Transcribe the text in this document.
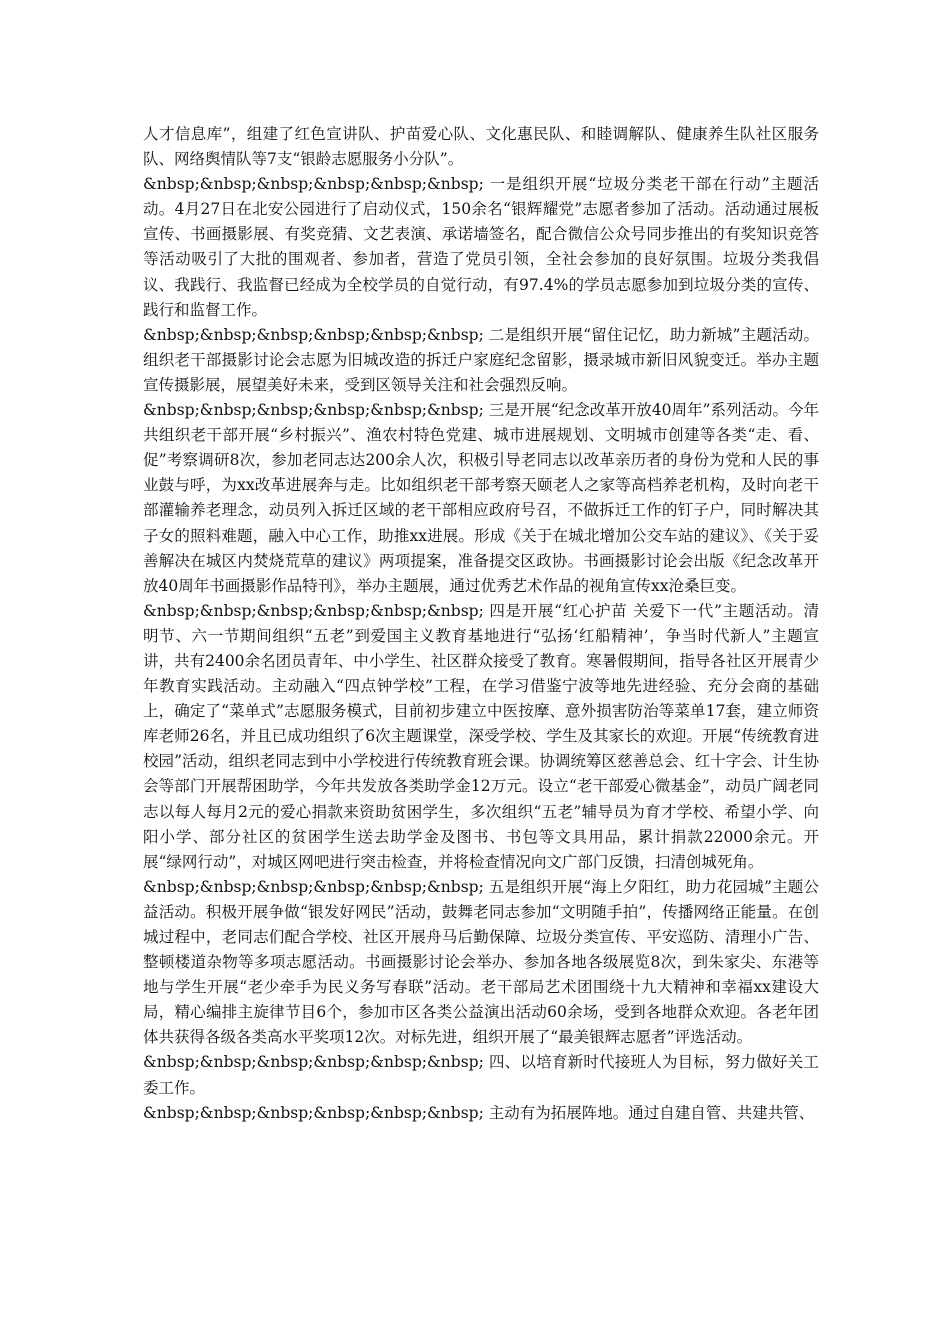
人才信息库”，组建了红色宣讲队、护苗爱心队、文化惠民队、和睦调解队、健康养生队社区服务队、网络舆情队等7支“银龄志愿服务小分队”。

&nbsp;&nbsp;&nbsp;&nbsp;&nbsp;&nbsp; 一是组织开展“垃圾分类老干部在行动”主题活动。4月27日在北安公园进行了启动仪式，150余名“银辉耀党”志愿者参加了活动。活动通过展板宣传、书画摄影展、有奖竞猜、文艺表演、承诺墙签名，配合微信公众号同步推出的有奖知识竞答等活动吸引了大批的围观者、参加者，营造了党员引领，全社会参加的良好氛围。垃圾分类我倡议、我践行、我监督已经成为全校学员的自觉行动，有97.4%的学员志愿参加到垃圾分类的宣传、践行和监督工作。

&nbsp;&nbsp;&nbsp;&nbsp;&nbsp;&nbsp; 二是组织开展“留住记忆，助力新城”主题活动。组织老干部摄影讨论会志愿为旧城改造的拆迁户家庭纪念留影，摄录城市新旧风貌变迁。举办主题宣传摄影展，展望美好未来，受到区领导关注和社会强烈反响。

&nbsp;&nbsp;&nbsp;&nbsp;&nbsp;&nbsp; 三是开展“纪念改革开放40周年”系列活动。今年共组织老干部开展“乡村振兴”、渔农村特色党建、城市进展规划、文明城市创建等各类“走、看、促”考察调研8次，参加老同志达200余人次，积极引导老同志以改革亲历者的身份为党和人民的事业鼓与呼，为xx改革进展奔与走。比如组织老干部考察天颐老人之家等高档养老机构，及时向老干部灌输养老理念，动员列入拆迁区域的老干部相应政府号召，不做拆迁工作的钉子户，同时解决其子女的照料难题，融入中心工作，助推xx进展。形成《关于在城北增加公交车站的建议》、《关于妥善解决在城区内焚烧荒草的建议》两项提案，准备提交区政协。书画摄影讨论会出版《纪念改革开放40周年书画摄影作品特刊》，举办主题展，通过优秀艺术作品的视角宣传xx沧桑巨变。

&nbsp;&nbsp;&nbsp;&nbsp;&nbsp;&nbsp; 四是开展“红心护苗 关爱下一代”主题活动。清明节、六一节期间组织“五老”到爱国主义教育基地进行“弘扬‘红船精神’，争当时代新人”主题宣讲，共有2400余名团员青年、中小学生、社区群众接受了教育。寒暑假期间，指导各社区开展青少年教育实践活动。主动融入“四点钟学校”工程，在学习借鉴宁波等地先进经验、充分会商的基础上，确定了“菜单式”志愿服务模式，目前初步建立中医按摩、意外损害防治等菜单17套，建立师资库老师26名，并且已成功组织了6次主题课堂，深受学校、学生及其家长的欢迎。开展“传统教育进校园”活动，组织老同志到中小学校进行传统教育班会课。协调统筹区慈善总会、红十字会、计生协会等部门开展帮困助学，今年共发放各类助学金12万元。设立“老干部爱心微基金”，动员广阔老同志以每人每月2元的爱心捐款来资助贫困学生，多次组织“五老”辅导员为育才学校、希望小学、向阳小学、部分社区的贫困学生送去助学金及图书、书包等文具用品，累计捐款22000余元。开展“绿网行动”，对城区网吧进行突击检查，并将检查情况向文广部门反馈，扫清创城死角。

&nbsp;&nbsp;&nbsp;&nbsp;&nbsp;&nbsp; 五是组织开展“海上夕阳红，助力花园城”主题公益活动。积极开展争做“银发好网民”活动，鼓舞老同志参加“文明随手拍”，传播网络正能量。在创城过程中，老同志们配合学校、社区开展舟马后勤保障、垃圾分类宣传、平安巡防、清理小广告、整顿楼道杂物等多项志愿活动。书画摄影讨论会举办、参加各地各级展览8次，到朱家尖、东港等地与学生开展“老少牵手为民义务写春联”活动。老干部局艺术团围绕十九大精神和幸福xx建设大局，精心编排主旋律节目6个，参加市区各类公益演出活动60余场，受到各地群众欢迎。各老年团体共获得各级各类高水平奖项12次。对标先进，组织开展了“最美银辉志愿者”评选活动。

&nbsp;&nbsp;&nbsp;&nbsp;&nbsp;&nbsp; 四、以培育新时代接班人为目标，努力做好关工委工作。

&nbsp;&nbsp;&nbsp;&nbsp;&nbsp;&nbsp; 主动有为拓展阵地。通过自建自管、共建共管、
